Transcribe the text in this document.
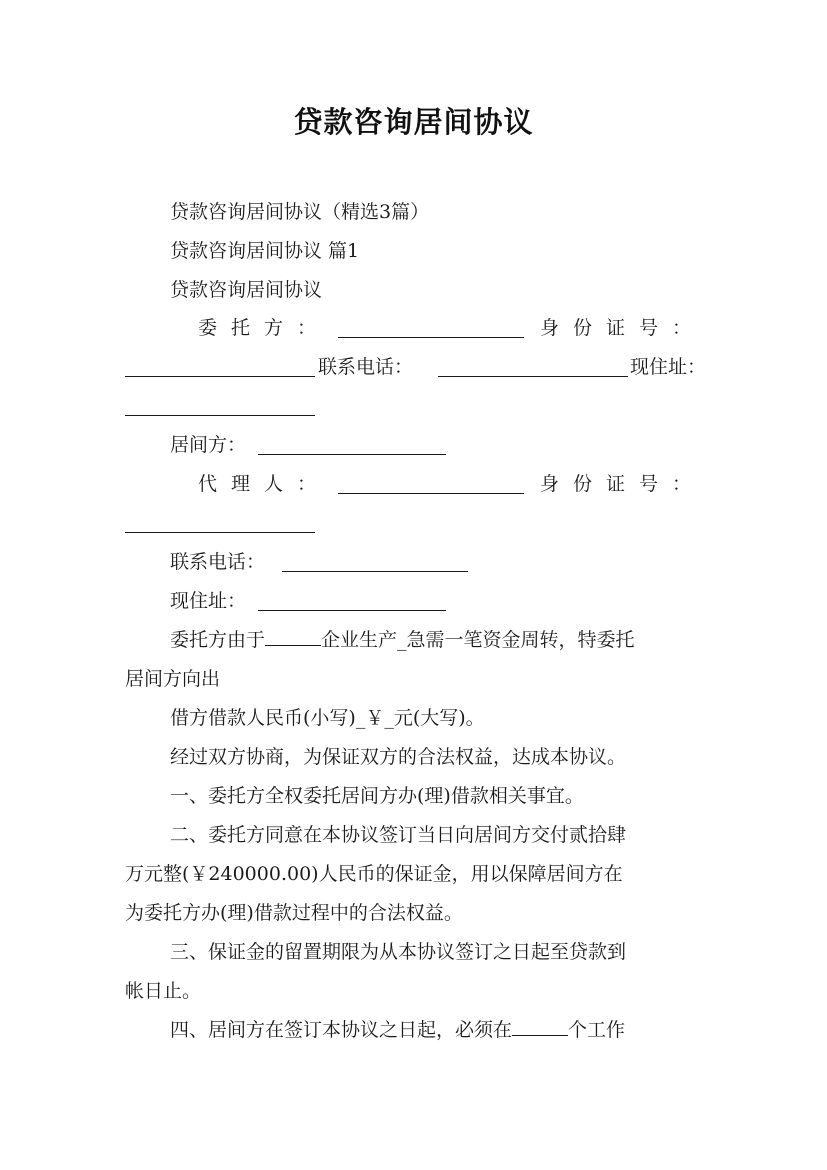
贷款咨询居间协议
贷款咨询居间协议（精选3篇）
贷款咨询居间协议 篇1
贷款咨询居间协议
委托方：	身份证号：
联系电话：	现住址：
居间方：
代理人：	身份证号：
联系电话：
现住址：
委托方由于	企业生产_急需一笔资金周转，特委托
居间方向出
借方借款人民币(小写)_￥_元(大写)。
经过双方协商，为保证双方的合法权益，达成本协议。
一、委托方全权委托居间方办(理)借款相关事宜。
二、委托方同意在本协议签订当日向居间方交付贰拾肆
万元整(￥240000.00)人民币的保证金，用以保障居间方在
为委托方办(理)借款过程中的合法权益。
三、保证金的留置期限为从本协议签订之日起至贷款到
帐日止。
四、居间方在签订本协议之日起，必须在	个工作
